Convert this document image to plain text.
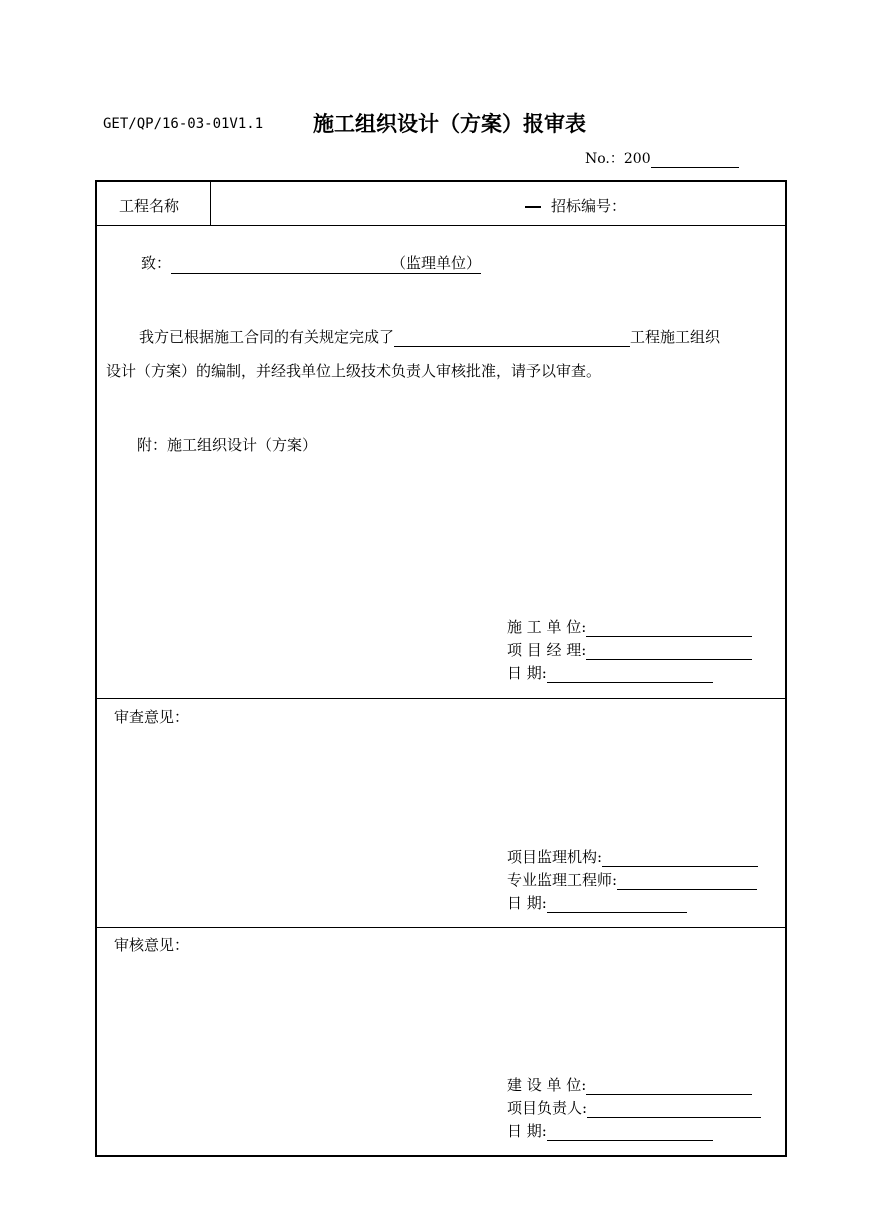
GET/QP/16-03-01V1.1 施工组织设计（方案）报审表
No.：200
工程名称	招标编号：
致：	（监理单位）
我方已根据施工合同的有关规定完成了	工程施工组织
设计（方案）的编制，并经我单位上级技术负责人审核批准，请予以审查。
附：施工组织设计（方案）
施 工 单 位:
项 目 经 理:
日 期:
审查意见：
项目监理机构:
专业监理工程师:
日 期:
审核意见：
建 设 单 位:
项目负责人:
日 期:
